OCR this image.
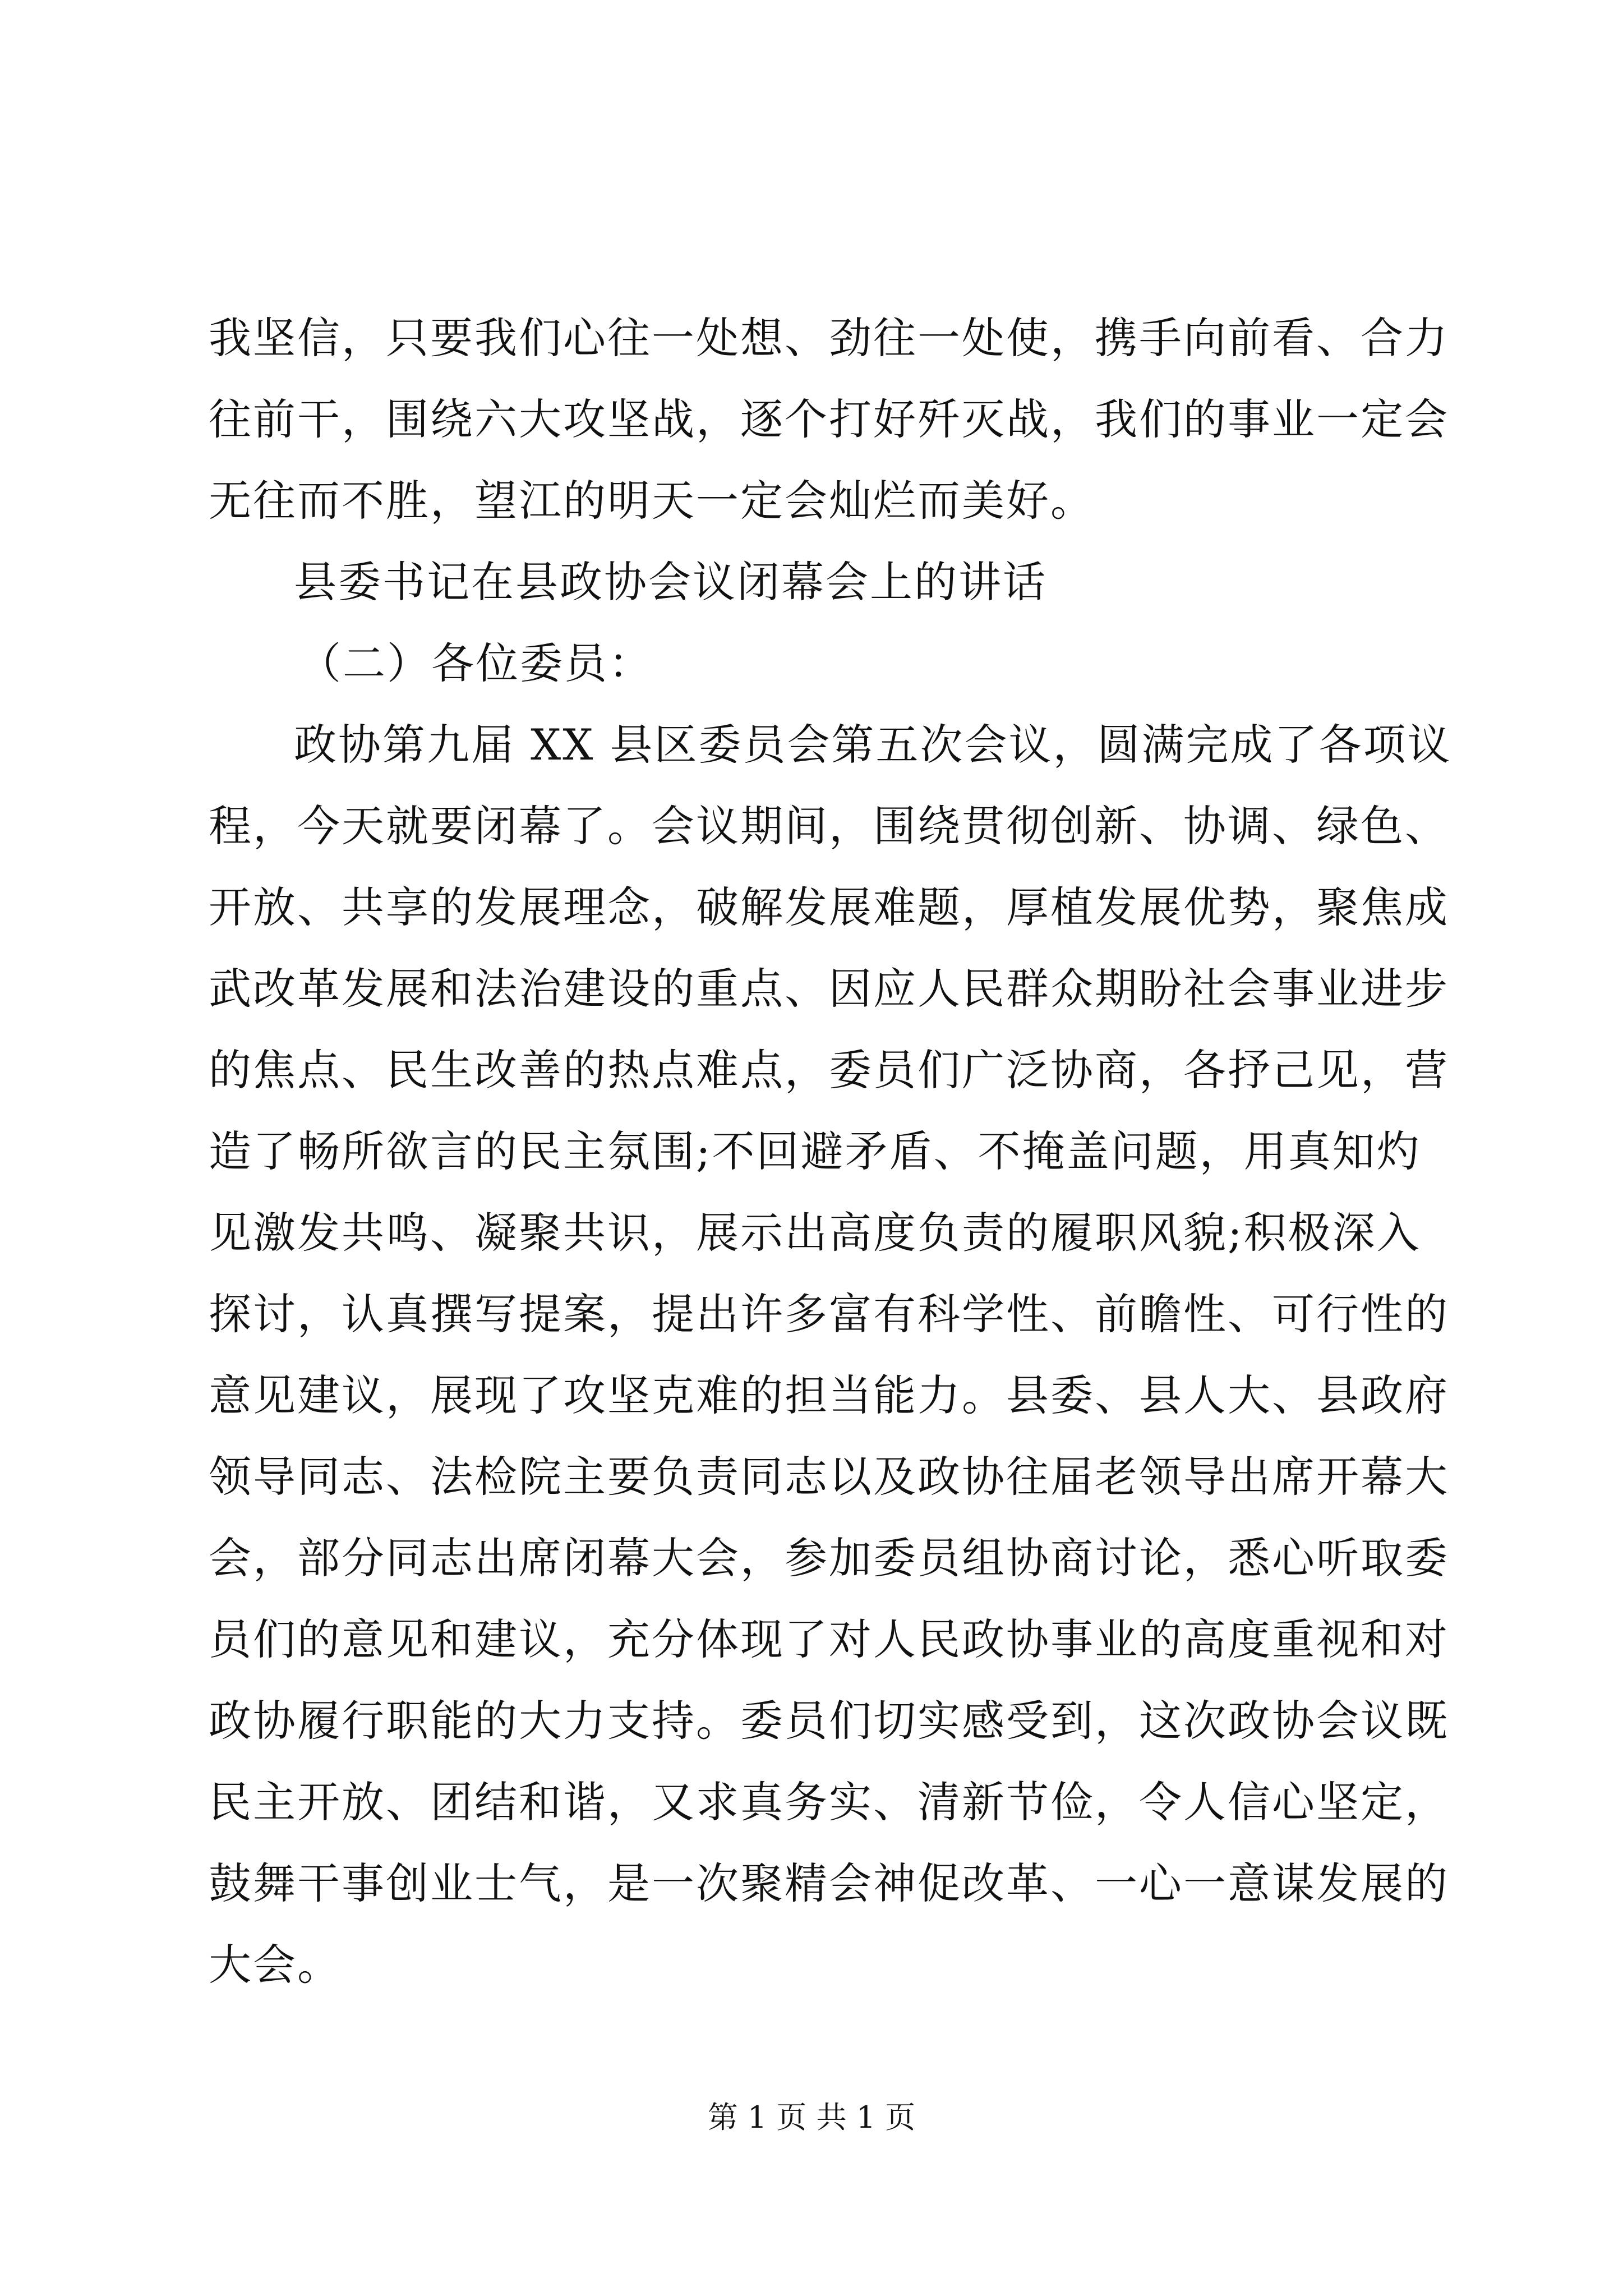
我坚信，只要我们心往一处想、劲往一处使，携手向前看、合力
往前干，围绕六大攻坚战，逐个打好歼灭战，我们的事业一定会
无往而不胜，望江的明天一定会灿烂而美好。
县委书记在县政协会议闭幕会上的讲话
（二）各位委员：
政协第九届 XX 县区委员会第五次会议，圆满完成了各项议
程，今天就要闭幕了。会议期间，围绕贯彻创新、协调、绿色、
开放、共享的发展理念，破解发展难题，厚植发展优势，聚焦成
武改革发展和法治建设的重点、因应人民群众期盼社会事业进步
的焦点、民生改善的热点难点，委员们广泛协商，各抒己见，营
造了畅所欲言的民主氛围;不回避矛盾、不掩盖问题，用真知灼
见激发共鸣、凝聚共识，展示出高度负责的履职风貌;积极深入
探讨，认真撰写提案，提出许多富有科学性、前瞻性、可行性的
意见建议，展现了攻坚克难的担当能力。县委、县人大、县政府
领导同志、法检院主要负责同志以及政协往届老领导出席开幕大
会，部分同志出席闭幕大会，参加委员组协商讨论，悉心听取委
员们的意见和建议，充分体现了对人民政协事业的高度重视和对
政协履行职能的大力支持。委员们切实感受到，这次政协会议既
民主开放、团结和谐，又求真务实、清新节俭，令人信心坚定，
鼓舞干事创业士气，是一次聚精会神促改革、一心一意谋发展的
大会。
第 1 页 共 1 页
